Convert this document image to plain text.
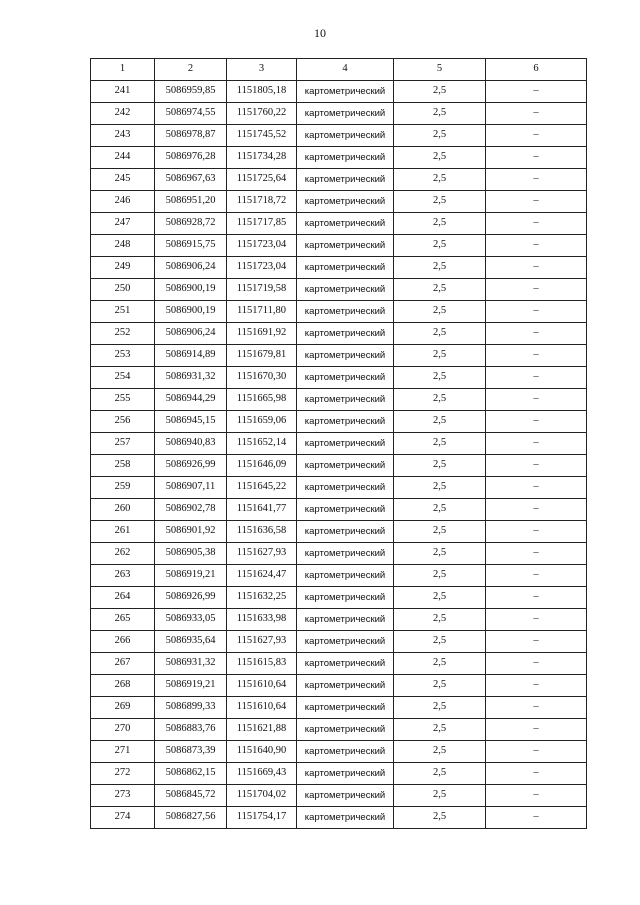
10
1	2	3	4	5	6
241	5086959,85	1151805,18	картометрический	2,5	–
242	5086974,55	1151760,22	картометрический	2,5	–
243	5086978,87	1151745,52	картометрический	2,5	–
244	5086976,28	1151734,28	картометрический	2,5	–
245	5086967,63	1151725,64	картометрический	2,5	–
246	5086951,20	1151718,72	картометрический	2,5	–
247	5086928,72	1151717,85	картометрический	2,5	–
248	5086915,75	1151723,04	картометрический	2,5	–
249	5086906,24	1151723,04	картометрический	2,5	–
250	5086900,19	1151719,58	картометрический	2,5	–
251	5086900,19	1151711,80	картометрический	2,5	–
252	5086906,24	1151691,92	картометрический	2,5	–
253	5086914,89	1151679,81	картометрический	2,5	–
254	5086931,32	1151670,30	картометрический	2,5	–
255	5086944,29	1151665,98	картометрический	2,5	–
256	5086945,15	1151659,06	картометрический	2,5	–
257	5086940,83	1151652,14	картометрический	2,5	–
258	5086926,99	1151646,09	картометрический	2,5	–
259	5086907,11	1151645,22	картометрический	2,5	–
260	5086902,78	1151641,77	картометрический	2,5	–
261	5086901,92	1151636,58	картометрический	2,5	–
262	5086905,38	1151627,93	картометрический	2,5	–
263	5086919,21	1151624,47	картометрический	2,5	–
264	5086926,99	1151632,25	картометрический	2,5	–
265	5086933,05	1151633,98	картометрический	2,5	–
266	5086935,64	1151627,93	картометрический	2,5	–
267	5086931,32	1151615,83	картометрический	2,5	–
268	5086919,21	1151610,64	картометрический	2,5	–
269	5086899,33	1151610,64	картометрический	2,5	–
270	5086883,76	1151621,88	картометрический	2,5	–
271	5086873,39	1151640,90	картометрический	2,5	–
272	5086862,15	1151669,43	картометрический	2,5	–
273	5086845,72	1151704,02	картометрический	2,5	–
274	5086827,56	1151754,17	картометрический	2,5	–
